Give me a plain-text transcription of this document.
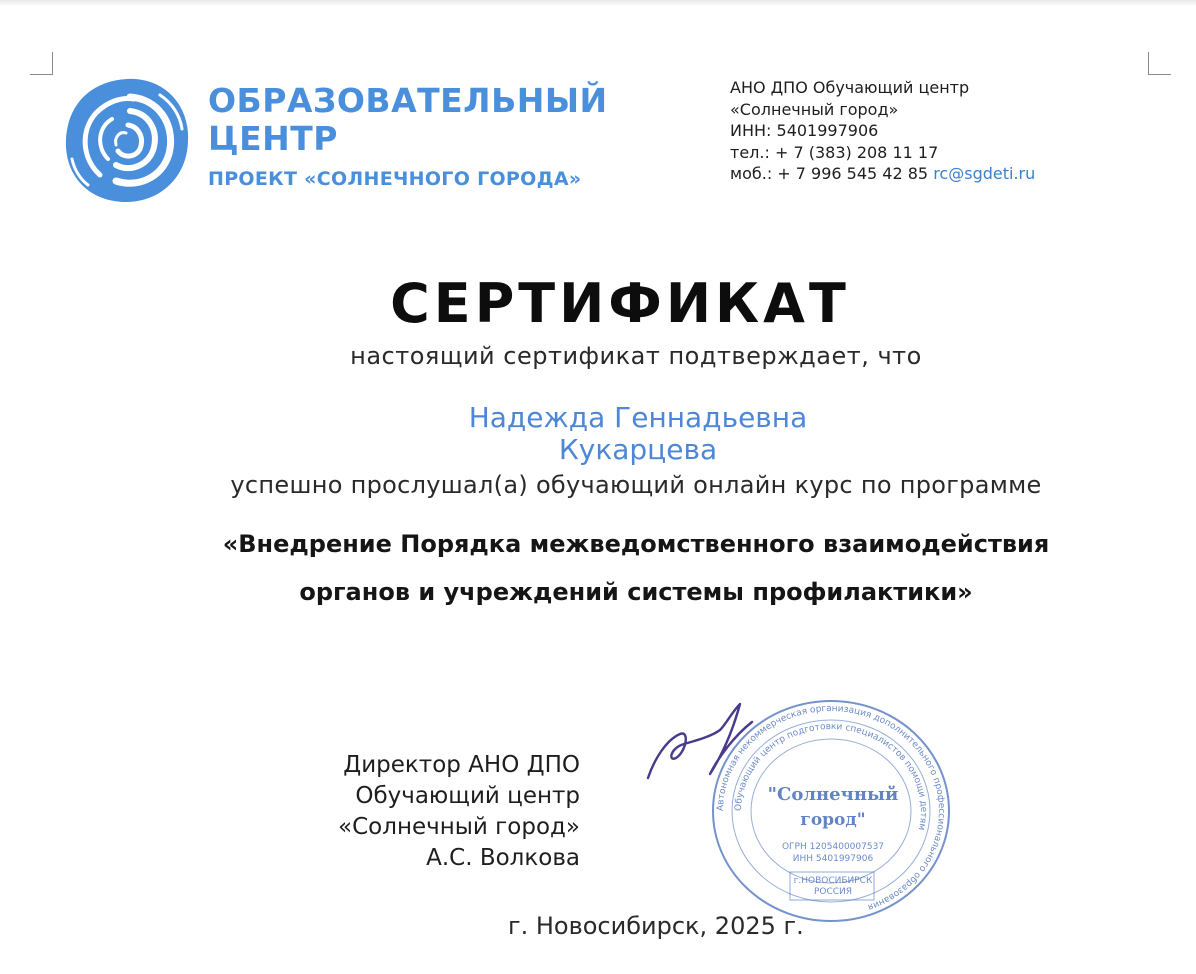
ОБРАЗОВАТЕЛЬНЫЙ
ЦЕНТР
ПРОЕКТ «СОЛНЕЧНОГО ГОРОДА»
АНО ДПО Обучающий центр
«Солнечный город»
ИНН: 5401997906
тел.: + 7 (383) 208 11 17
моб.: + 7 996 545 42 85 rc@sgdeti.ru
СЕРТИФИКАТ
настоящий сертификат подтверждает, что
Надежда Геннадьевна
Кукарцева
успешно прослушал(а) обучающий онлайн курс по программе
«Внедрение Порядка межведомственного взаимодействия
органов и учреждений системы профилактики»
Директор АНО ДПО
Обучающий центр
«Солнечный город»
А.С. Волкова
Автономная некоммерческая организация дополнительного профессионального образования
Обучающий центр подготовки специалистов помощи детям
"Солнечный
город"
ОГРН 1205400007537
ИНН 5401997906
г.НОВОСИБИРСК
РОССИЯ
г. Новосибирск, 2025 г.
